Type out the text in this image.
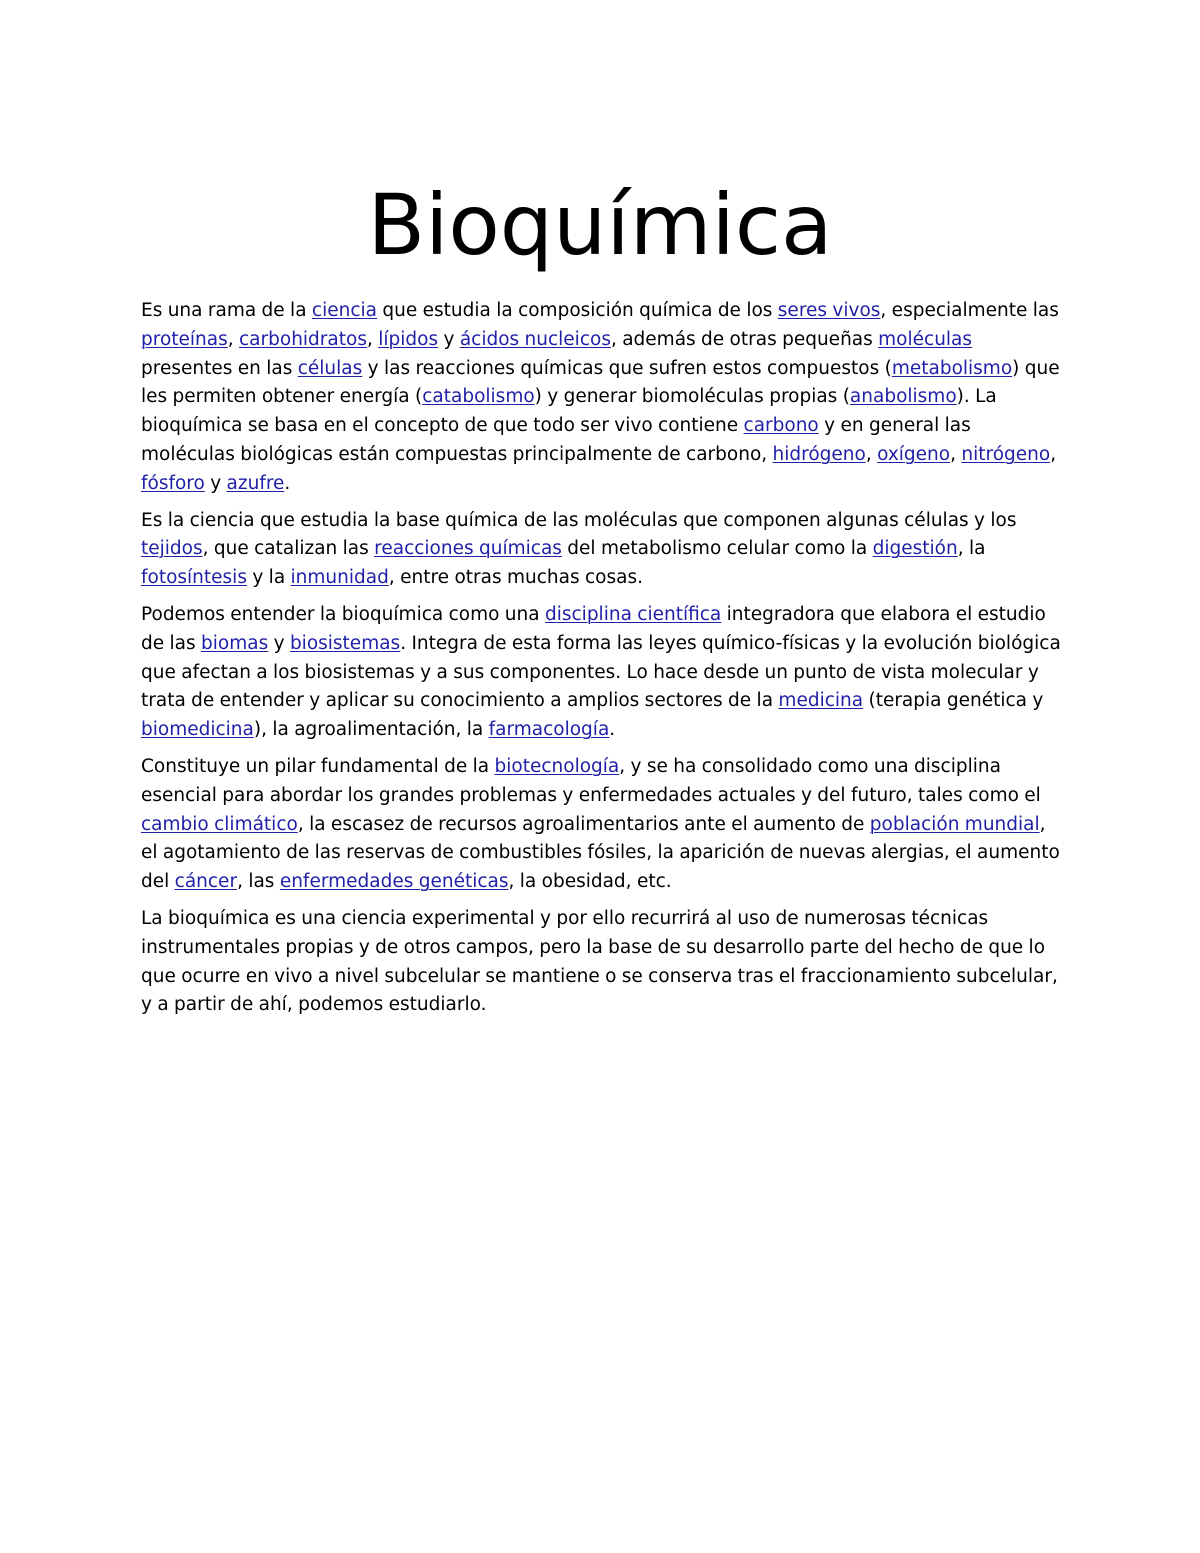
Bioquímica

Es una rama de la ciencia que estudia la composición química de los seres vivos, especialmente las proteínas, carbohidratos, lípidos y ácidos nucleicos, además de otras pequeñas moléculas presentes en las células y las reacciones químicas que sufren estos compuestos (metabolismo) que les permiten obtener energía (catabolismo) y generar biomoléculas propias (anabolismo). La bioquímica se basa en el concepto de que todo ser vivo contiene carbono y en general las moléculas biológicas están compuestas principalmente de carbono, hidrógeno, oxígeno, nitrógeno, fósforo y azufre.

Es la ciencia que estudia la base química de las moléculas que componen algunas células y los tejidos, que catalizan las reacciones químicas del metabolismo celular como la digestión, la fotosíntesis y la inmunidad, entre otras muchas cosas.

Podemos entender la bioquímica como una disciplina científica integradora que elabora el estudio de las biomas y biosistemas. Integra de esta forma las leyes químico-físicas y la evolución biológica que afectan a los biosistemas y a sus componentes. Lo hace desde un punto de vista molecular y trata de entender y aplicar su conocimiento a amplios sectores de la medicina (terapia genética y biomedicina), la agroalimentación, la farmacología.

Constituye un pilar fundamental de la biotecnología, y se ha consolidado como una disciplina esencial para abordar los grandes problemas y enfermedades actuales y del futuro, tales como el cambio climático, la escasez de recursos agroalimentarios ante el aumento de población mundial, el agotamiento de las reservas de combustibles fósiles, la aparición de nuevas alergias, el aumento del cáncer, las enfermedades genéticas, la obesidad, etc.

La bioquímica es una ciencia experimental y por ello recurrirá al uso de numerosas técnicas instrumentales propias y de otros campos, pero la base de su desarrollo parte del hecho de que lo que ocurre en vivo a nivel subcelular se mantiene o se conserva tras el fraccionamiento subcelular, y a partir de ahí, podemos estudiarlo.
